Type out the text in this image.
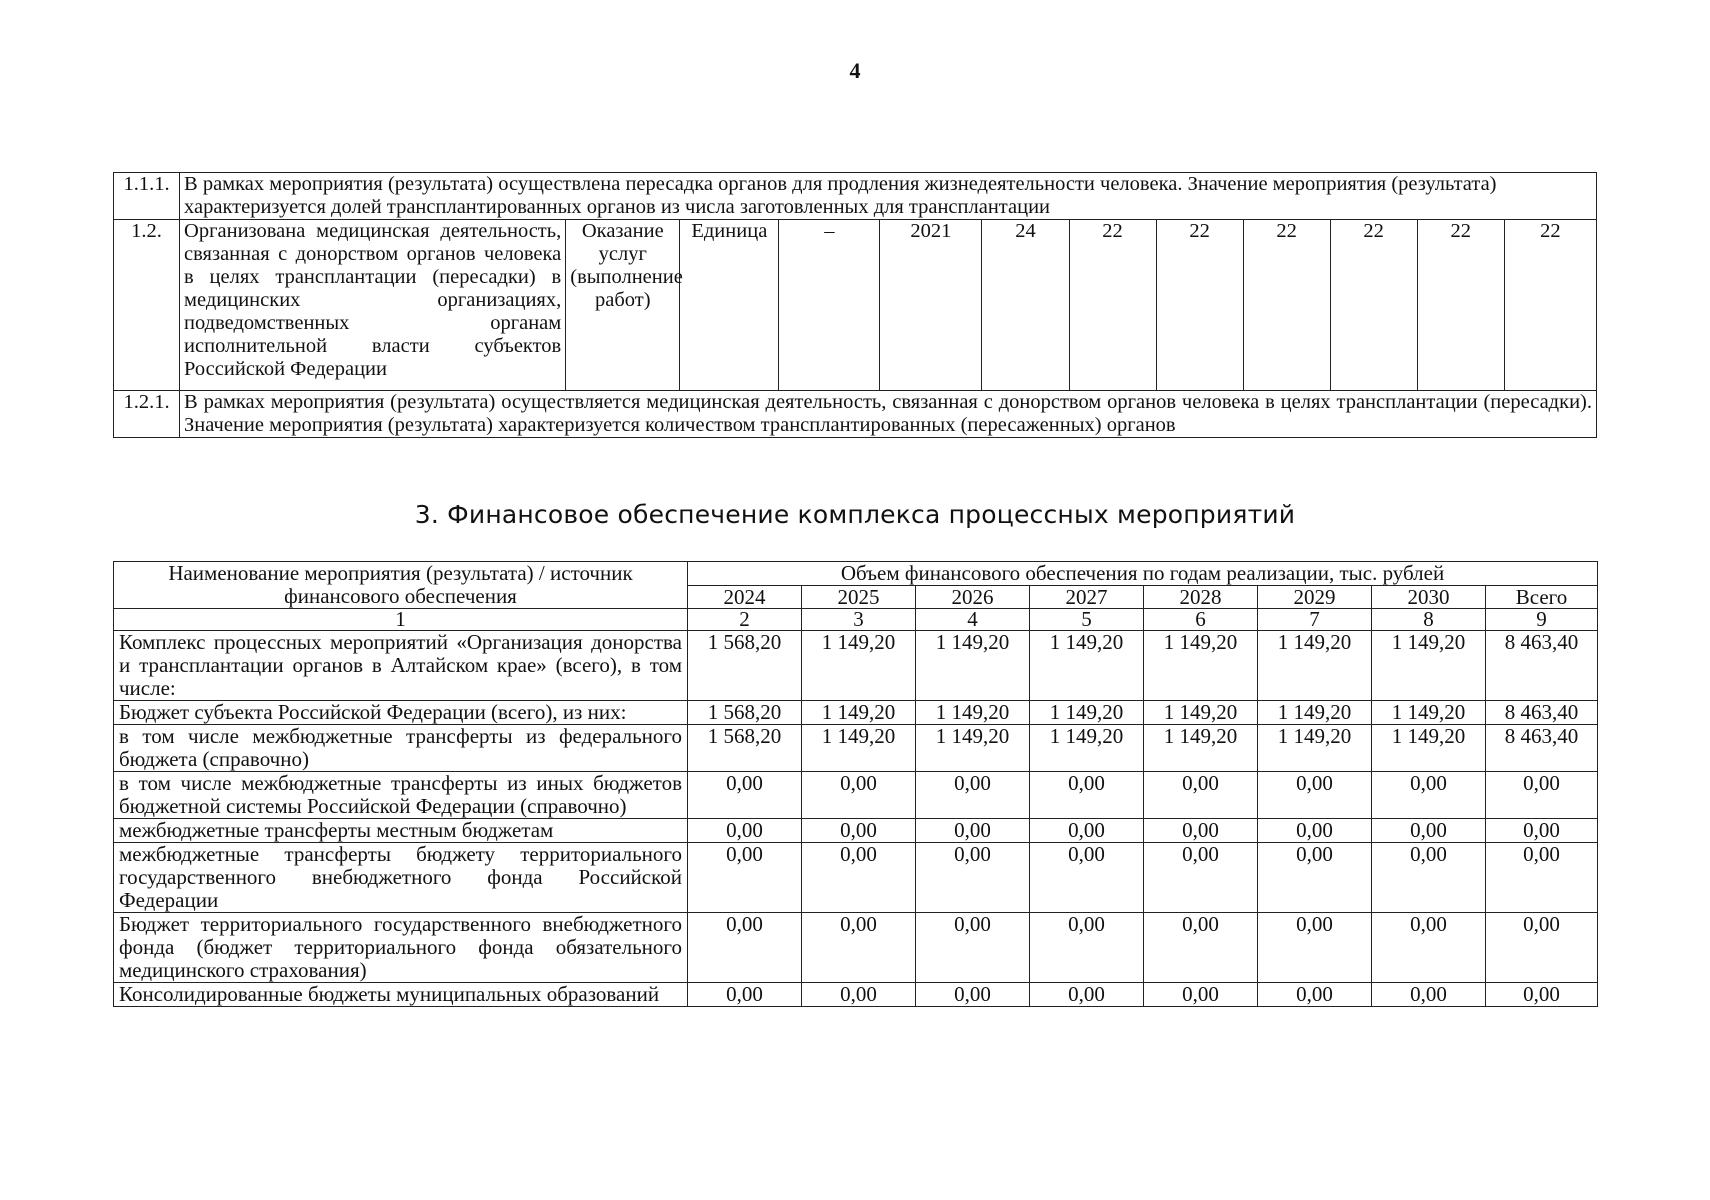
4
1.1.1.	В рамках мероприятия (результата) осуществлена пересадка органов для продления жизнедеятельности человека. Значение мероприятия (результата) характеризуется долей трансплантированных органов из числа заготовленных для трансплантации											
1.2.	Организована медицинская деятельность, связанная с донорством органов человека в целях трансплантации (пересадки) в медицинских организациях, подведомственных органам исполнительной власти субъектов Российской Федерации	Оказание услуг (выполнение работ)	Единица	–	2021	24	22	22	22	22	22	22
1.2.1.	В рамках мероприятия (результата) осуществляется медицинская деятельность, связанная с донорством органов человека в целях трансплантации (пересадки). Значение мероприятия (результата) характеризуется количеством трансплантированных (пересаженных) органов											
3. Финансовое обеспечение комплекса процессных мероприятий
Наименование мероприятия (результата) / источник финансового обеспечения	Объем финансового обеспечения по годам реализации, тыс. рублей							
	2024	2025	2026	2027	2028	2029	2030	Всего
1	2	3	4	5	6	7	8	9
Комплекс процессных мероприятий «Организация донорства и трансплантации органов в Алтайском крае» (всего), в том числе:	1 568,20	1 149,20	1 149,20	1 149,20	1 149,20	1 149,20	1 149,20	8 463,40
Бюджет субъекта Российской Федерации (всего), из них:	1 568,20	1 149,20	1 149,20	1 149,20	1 149,20	1 149,20	1 149,20	8 463,40
в том числе межбюджетные трансферты из федерального бюджета (справочно)	1 568,20	1 149,20	1 149,20	1 149,20	1 149,20	1 149,20	1 149,20	8 463,40
в том числе межбюджетные трансферты из иных бюджетов бюджетной системы Российской Федерации (справочно)	0,00	0,00	0,00	0,00	0,00	0,00	0,00	0,00
межбюджетные трансферты местным бюджетам	0,00	0,00	0,00	0,00	0,00	0,00	0,00	0,00
межбюджетные трансферты бюджету территориального государственного внебюджетного фонда Российской Федерации	0,00	0,00	0,00	0,00	0,00	0,00	0,00	0,00
Бюджет территориального государственного внебюджетного фонда (бюджет территориального фонда обязательного медицинского страхования)	0,00	0,00	0,00	0,00	0,00	0,00	0,00	0,00
Консолидированные бюджеты муниципальных образований	0,00	0,00	0,00	0,00	0,00	0,00	0,00	0,00
